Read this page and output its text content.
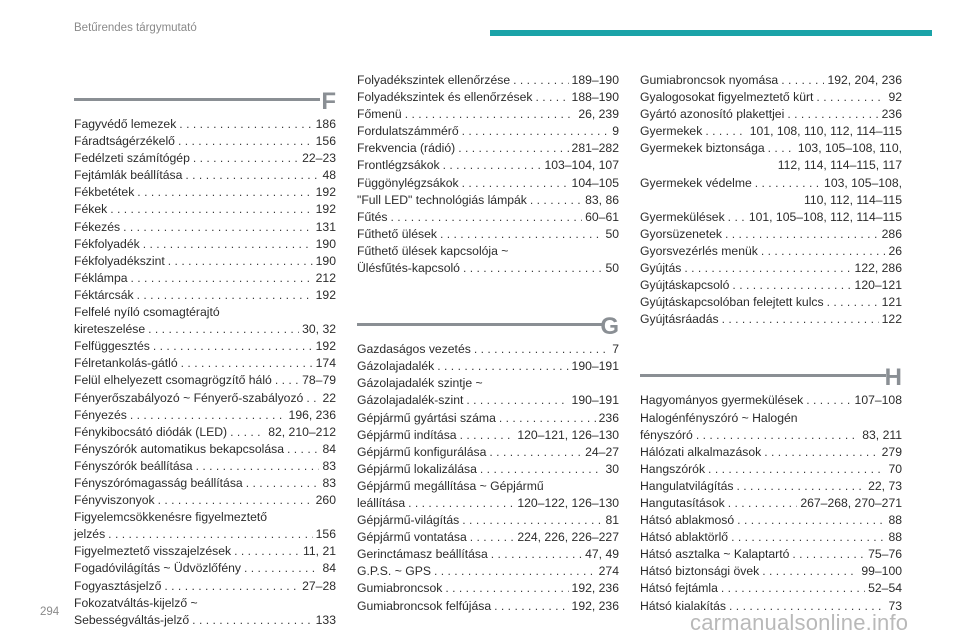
Betűrendes tárgymutató
F
Fagyvédő lemezek . . .	186
Fáradtságérzékelő . . .	156
Fedélzeti számítógép . . .	22–23
Fejtámlák beállítása . . .	48
Fékbetétek . . .	192
Fékek . . .	192
Fékezés . . .	131
Fékfolyadék . . .	190
Fékfolyadékszint . . .	190
Féklámpa . . .	212
Féktárcsák . . .	192
Felfelé nyíló csomagtérajtó
kireteszelése . . .	30, 32
Felfüggesztés . . .	192
Félretankolás-gátló . . .	174
Felül elhelyezett csomagrögzítő háló . . . 78–79
Fényerőszabályozó ~ Fényerő-szabályozó . . . 22
Fényezés . . .	196, 236
Fénykibocsátó diódák (LED) . . .	82, 210–212
Fényszórók automatikus bekapcsolása . . .	84
Fényszórók beállítása . . .	83
Fényszórómagasság beállítása . . .	83
Fényviszonyok . . .	260
Figyelemcsökkenésre figyelmeztető
jelzés . . .	156
Figyelmeztető visszajelzések . . .	11, 21
Fogadóvilágítás ~ Üdvözlőfény . . .	84
Fogyasztásjelző . . .	27–28
Fokozatváltás-kijelző ~
Sebességváltás-jelző . . .	133
Folyadékszintek ellenőrzése . . .	189–190
Folyadékszintek és ellenőrzések . . .	188–190
Főmenü . . .	26, 239
Fordulatszámmérő . . .	9
Frekvencia (rádió) . . .	281–282
Frontlégzsákok . . .	103–104, 107
Függönylégzsákok . . .	104–105
"Full LED" technológiás lámpák . . .	83, 86
Fűtés . . .	60–61
Fűthető ülések . . .	50
Fűthető ülések kapcsolója ~
Ülésfűtés-kapcsoló . . .	50
G
Gazdaságos vezetés . . .	7
Gázolajadalék . . .	190–191
Gázolajadalék szintje ~
Gázolajadalék-szint . . .	190–191
Gépjármű gyártási száma . . .	236
Gépjármű indítása . . .	120–121, 126–130
Gépjármű konfigurálása . . .	24–27
Gépjármű lokalizálása . . .	30
Gépjármű megállítása ~ Gépjármű
leállítása . . .	120–122, 126–130
Gépjármű-világítás . . .	81
Gépjármű vontatása . . .	224, 226, 226–227
Gerinctámasz beállítása . . .	47, 49
G.P.S. ~ GPS . . .	274
Gumiabroncsok . . .	192, 236
Gumiabroncsok felfújása . . .	192, 236
Gumiabroncsok nyomása . . .	192, 204, 236
Gyalogosokat figyelmeztető kürt . . .	92
Gyártó azonosító plakettjei . . .	236
Gyermekek . . .	101, 108, 110, 112, 114–115
Gyermekek biztonsága . . .	103, 105–108, 110,
112, 114, 114–115, 117
Gyermekek védelme . . .	103, 105–108,
110, 112, 114–115
Gyermekülések . . . 101, 105–108, 112, 114–115
Gyorsüzenetek . . .	286
Gyorsvezérlés menük . . .	26
Gyújtás . . .	122, 286
Gyújtáskapcsoló . . .	120–121
Gyújtáskapcsolóban felejtett kulcs . . .	121
Gyújtásráadás . . .	122
H
Hagyományos gyermekülések . . .	107–108
Halogénfényszóró ~ Halogén
fényszóró . . .	83, 211
Hálózati alkalmazások . . .	279
Hangszórók . . .	70
Hangulatvilágítás . . .	22, 73
Hangutasítások . . .	267–268, 270–271
Hátsó ablakmosó . . .	88
Hátsó ablaktörlő . . .	88
Hátsó asztalka ~ Kalaptartó . . .	75–76
Hátsó biztonsági övek . . .	99–100
Hátsó fejtámla . . .	52–54
Hátsó kialakítás . . .	73
294	carmanualsonline.info
